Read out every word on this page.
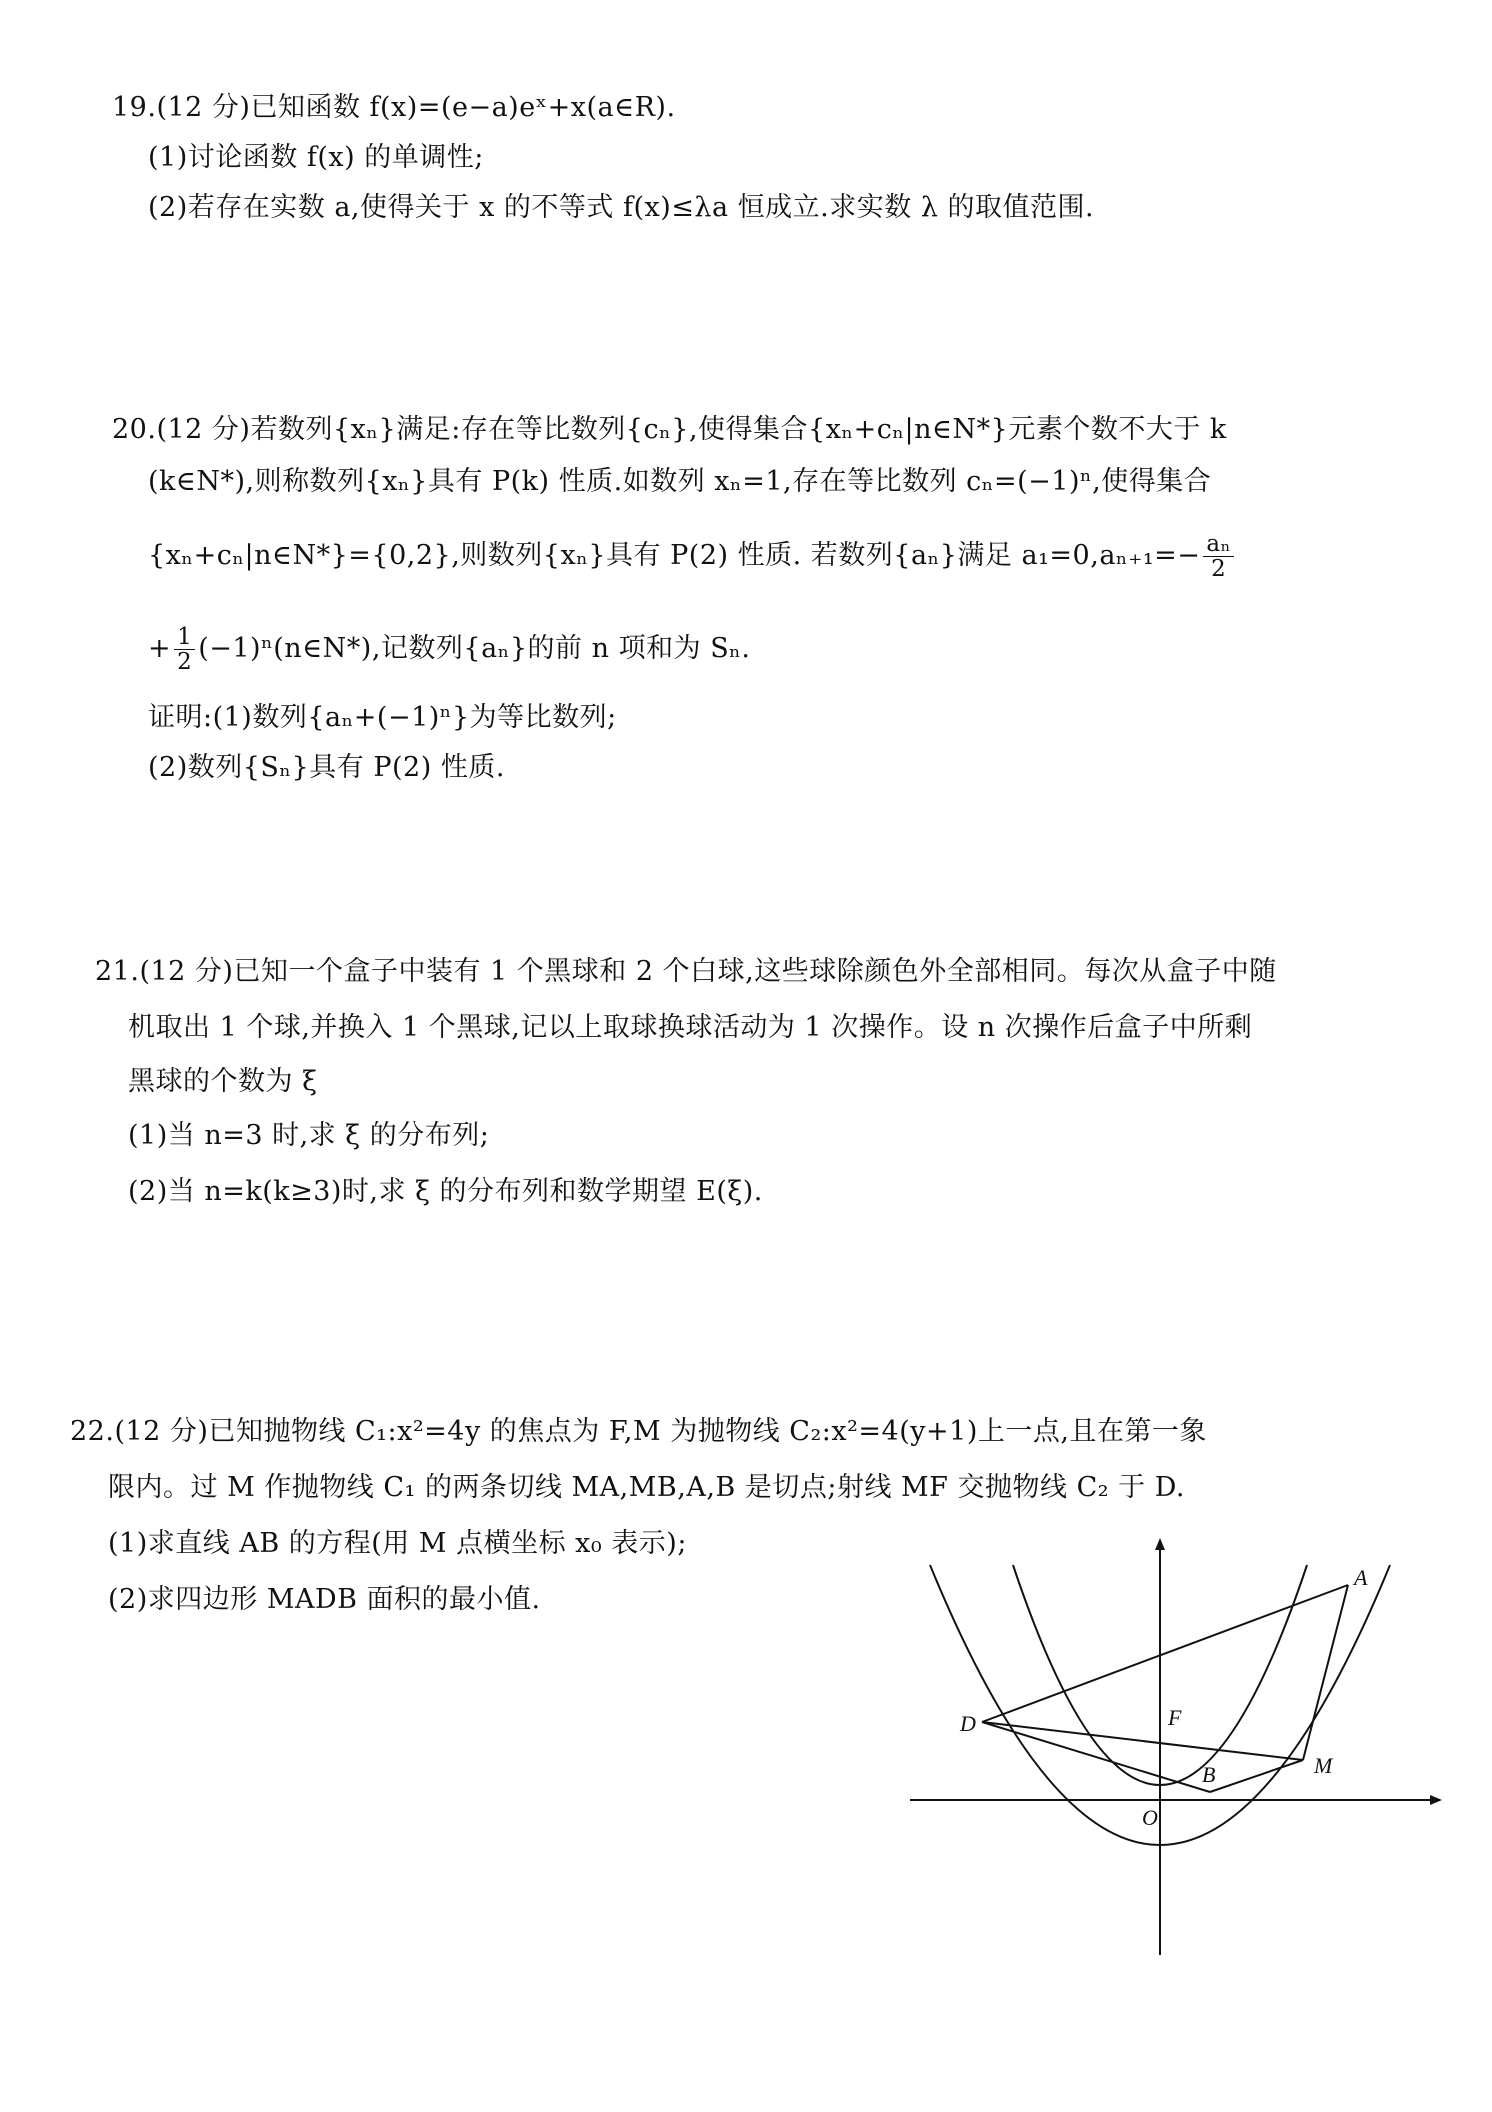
19.(12 分)已知函数 f(x)=(e−a)eˣ+x(a∈R).
(1)讨论函数 f(x) 的单调性;
(2)若存在实数 a,使得关于 x 的不等式 f(x)≤λa 恒成立.求实数 λ 的取值范围.
20.(12 分)若数列{xₙ}满足:存在等比数列{cₙ},使得集合{xₙ+cₙ|n∈N*}元素个数不大于 k
(k∈N*),则称数列{xₙ}具有 P(k) 性质.如数列 xₙ=1,存在等比数列 cₙ=(−1)ⁿ,使得集合
{xₙ+cₙ|n∈N*}={0,2},则数列{xₙ}具有 P(2) 性质. 若数列{aₙ}满足 $a_1=0,a_{n+1}=- \frac{\text{aₙ}}{2}$
+ $\frac{1}{2}$ (−1)ⁿ(n∈N*),记数列{aₙ}的前 n 项和为 Sₙ.
证明:(1)数列{aₙ+(−1)ⁿ}为等比数列;
(2)数列{Sₙ}具有 P(2) 性质.
21.(12 分)已知一个盒子中装有 1 个黑球和 2 个白球,这些球除颜色外全部相同。每次从盒子中随
机取出 1 个球,并换入 1 个黑球,记以上取球换球活动为 1 次操作。设 n 次操作后盒子中所剩
黑球的个数为 ξ
(1)当 n=3 时,求 ξ 的分布列;
(2)当 n=k(k≥3)时,求 ξ 的分布列和数学期望 E(ξ).
22.(12 分)已知抛物线 C₁:x²=4y 的焦点为 F,M 为抛物线 C₂:x²=4(y+1)上一点,且在第一象
限内。过 M 作抛物线 C₁ 的两条切线 MA,MB,A,B 是切点;射线 MF 交抛物线 C₂ 于 D.
(1)求直线 AB 的方程(用 M 点横坐标 x₀ 表示);
(2)求四边形 MADB 面积的最小值.
A
D	F
M
B
O
